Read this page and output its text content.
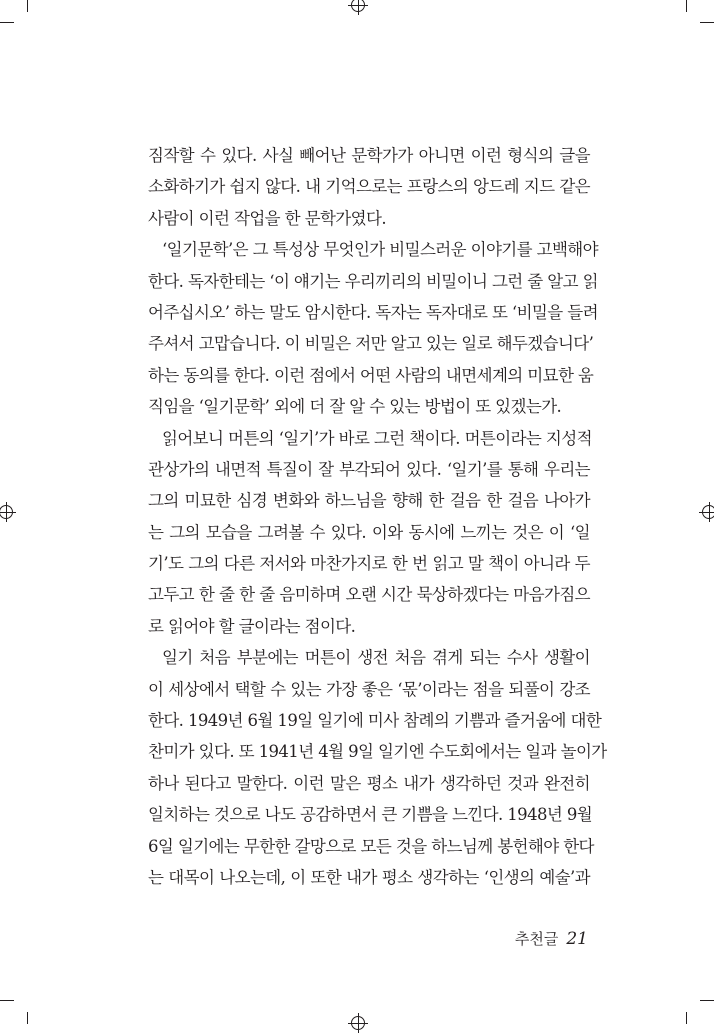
짐작할 수 있다. 사실 빼어난 문학가가 아니면 이런 형식의 글을
소화하기가 쉽지 않다. 내 기억으로는 프랑스의 앙드레 지드 같은
사람이 이런 작업을 한 문학가였다.
‘일기문학’은 그 특성상 무엇인가 비밀스러운 이야기를 고백해야
한다. 독자한테는 ‘이 얘기는 우리끼리의 비밀이니 그런 줄 알고 읽
어주십시오’ 하는 말도 암시한다. 독자는 독자대로 또 ‘비밀을 들려
주셔서 고맙습니다. 이 비밀은 저만 알고 있는 일로 해두겠습니다’
하는 동의를 한다. 이런 점에서 어떤 사람의 내면세계의 미묘한 움
직임을 ‘일기문학’ 외에 더 잘 알 수 있는 방법이 또 있겠는가.
읽어보니 머튼의 ‘일기’가 바로 그런 책이다. 머튼이라는 지성적
관상가의 내면적 특질이 잘 부각되어 있다. ‘일기’를 통해 우리는
그의 미묘한 심경 변화와 하느님을 향해 한 걸음 한 걸음 나아가
는 그의 모습을 그려볼 수 있다. 이와 동시에 느끼는 것은 이 ‘일
기’도 그의 다른 저서와 마찬가지로 한 번 읽고 말 책이 아니라 두
고두고 한 줄 한 줄 음미하며 오랜 시간 묵상하겠다는 마음가짐으
로 읽어야 할 글이라는 점이다.
일기 처음 부분에는 머튼이 생전 처음 겪게 되는 수사 생활이
이 세상에서 택할 수 있는 가장 좋은 ‘몫’이라는 점을 되풀이 강조
한다. 1949년 6월 19일 일기에 미사 참례의 기쁨과 즐거움에 대한
찬미가 있다. 또 1941년 4월 9일 일기엔 수도회에서는 일과 놀이가
하나 된다고 말한다. 이런 말은 평소 내가 생각하던 것과 완전히
일치하는 것으로 나도 공감하면서 큰 기쁨을 느낀다. 1948년 9월
6일 일기에는 무한한 갈망으로 모든 것을 하느님께 봉헌해야 한다
는 대목이 나오는데, 이 또한 내가 평소 생각하는 ‘인생의 예술’과
추천글 21
